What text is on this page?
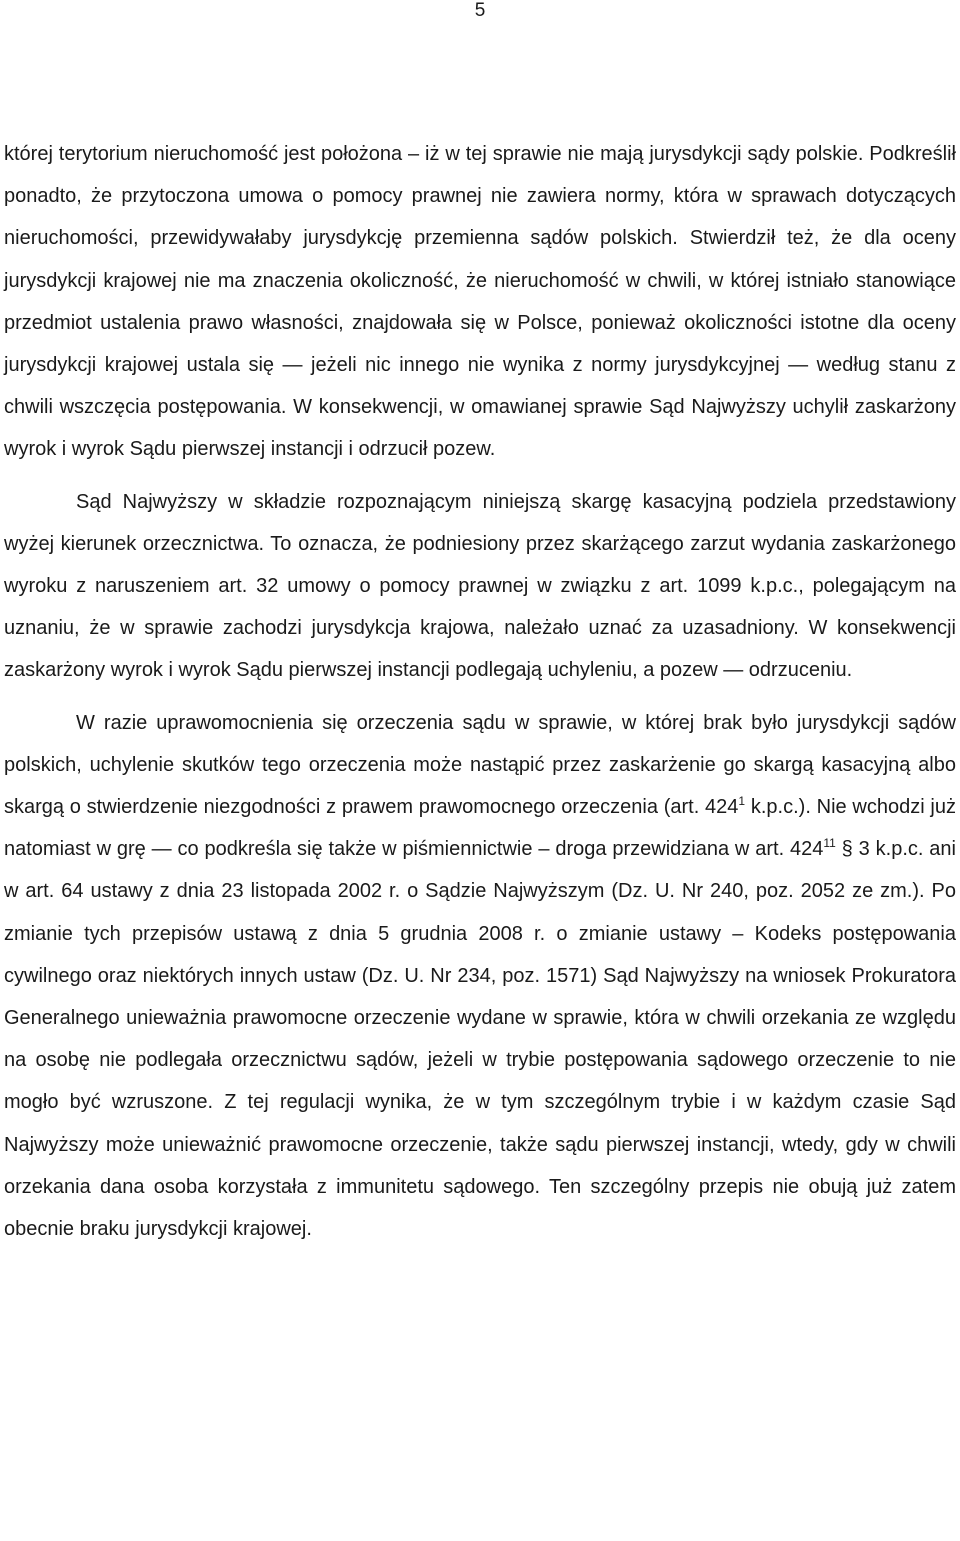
5

której terytorium nieruchomość jest położona – iż w tej sprawie nie mają jurysdykcji sądy polskie. Podkreślił ponadto, że przytoczona umowa o pomocy prawnej nie zawiera normy, która w sprawach dotyczących nieruchomości, przewidywałaby jurysdykcję przemienna sądów polskich. Stwierdził też, że dla oceny jurysdykcji krajowej nie ma znaczenia okoliczność, że nieruchomość w chwili, w której istniało stanowiące przedmiot ustalenia prawo własności, znajdowała się w Polsce, ponieważ okoliczności istotne dla oceny jurysdykcji krajowej ustala się — jeżeli nic innego nie wynika z normy jurysdykcyjnej — według stanu z chwili wszczęcia postępowania. W konsekwencji, w omawianej sprawie Sąd Najwyższy uchylił zaskarżony wyrok i wyrok Sądu pierwszej instancji i odrzucił pozew.

Sąd Najwyższy w składzie rozpoznającym niniejszą skargę kasacyjną podziela przedstawiony wyżej kierunek orzecznictwa. To oznacza, że podniesiony przez skarżącego zarzut wydania zaskarżonego wyroku z naruszeniem art. 32 umowy o pomocy prawnej w związku z art. 1099 k.p.c., polegającym na uznaniu, że w sprawie zachodzi jurysdykcja krajowa, należało uznać za uzasadniony. W konsekwencji zaskarżony wyrok i wyrok Sądu pierwszej instancji podlegają uchyleniu, a pozew — odrzuceniu.

W razie uprawomocnienia się orzeczenia sądu w sprawie, w której brak było jurysdykcji sądów polskich, uchylenie skutków tego orzeczenia może nastąpić przez zaskarżenie go skargą kasacyjną albo skargą o stwierdzenie niezgodności z prawem prawomocnego orzeczenia (art. $424^1$ k.p.c.). Nie wchodzi już natomiast w grę — co podkreśla się także w piśmiennictwie – droga przewidziana w art. $424^{11}$ § 3 k.p.c. ani w art. 64 ustawy z dnia 23 listopada 2002 r. o Sądzie Najwyższym (Dz. U. Nr 240, poz. 2052 ze zm.). Po zmianie tych przepisów ustawą z dnia 5 grudnia 2008 r. o zmianie ustawy – Kodeks postępowania cywilnego oraz niektórych innych ustaw (Dz. U. Nr 234, poz. 1571) Sąd Najwyższy na wniosek Prokuratora Generalnego unieważnia prawomocne orzeczenie wydane w sprawie, która w chwili orzekania ze względu na osobę nie podlegała orzecznictwu sądów, jeżeli w trybie postępowania sądowego orzeczenie to nie mogło być wzruszone. Z tej regulacji wynika, że w tym szczególnym trybie i w każdym czasie Sąd Najwyższy może unieważnić prawomocne orzeczenie, także sądu pierwszej instancji, wtedy, gdy w chwili orzekania dana osoba korzystała z immunitetu sądowego. Ten szczególny przepis nie obują już zatem obecnie braku jurysdykcji krajowej.
